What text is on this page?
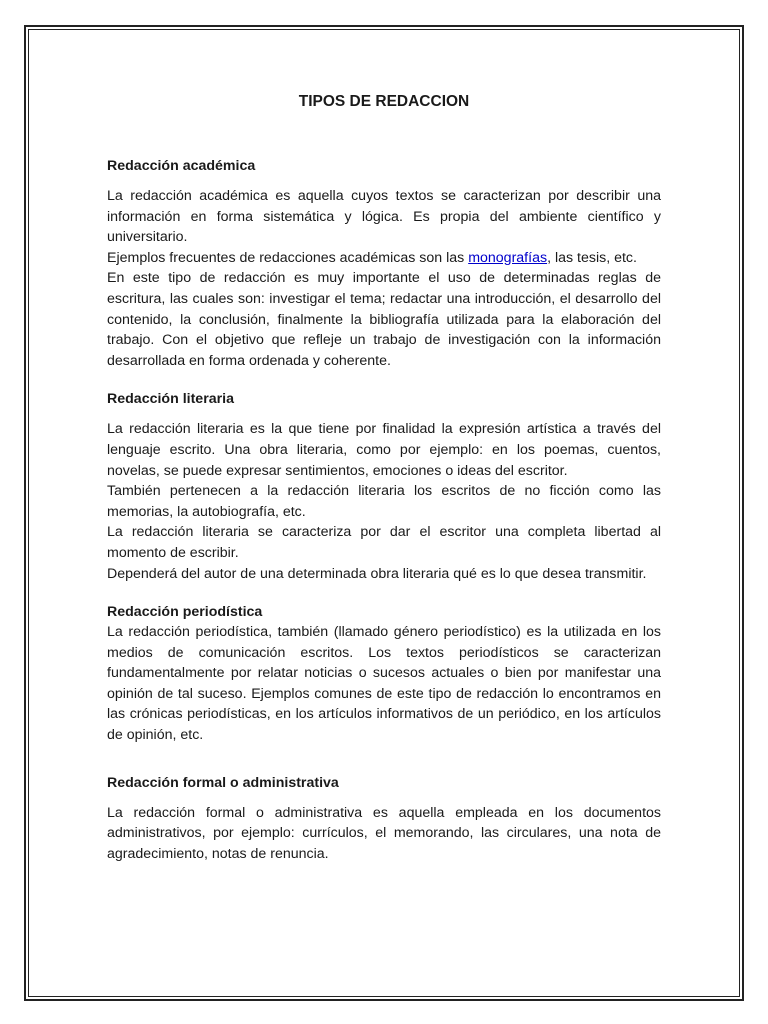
TIPOS DE REDACCION

Redacción académica

La redacción académica es aquella cuyos textos se caracterizan por describir una información en forma sistemática y lógica. Es propia del ambiente científico y universitario.

Ejemplos frecuentes de redacciones académicas son las monografías, las tesis, etc.

En este tipo de redacción es muy importante el uso de determinadas reglas de escritura, las cuales son: investigar el tema; redactar una introducción, el desarrollo del contenido, la conclusión, finalmente la bibliografía utilizada para la elaboración del trabajo. Con el objetivo que refleje un trabajo de investigación con la información desarrollada en forma ordenada y coherente.

Redacción literaria

La redacción literaria es la que tiene por finalidad la expresión artística a través del lenguaje escrito. Una obra literaria, como por ejemplo: en los poemas, cuentos, novelas, se puede expresar sentimientos, emociones o ideas del escritor.

También pertenecen a la redacción literaria los escritos de no ficción como las memorias, la autobiografía, etc.

La redacción literaria se caracteriza por dar el escritor una completa libertad al momento de escribir.

Dependerá del autor de una determinada obra literaria qué es lo que desea transmitir.

Redacción periodística

La redacción periodística, también (llamado género periodístico) es la utilizada en los medios de comunicación escritos. Los textos periodísticos se caracterizan fundamentalmente por relatar noticias o sucesos actuales o bien por manifestar una opinión de tal suceso. Ejemplos comunes de este tipo de redacción lo encontramos en las crónicas periodísticas, en los artículos informativos de un periódico, en los artículos de opinión, etc.

Redacción formal o administrativa

La redacción formal o administrativa es aquella empleada en los documentos administrativos, por ejemplo: currículos, el memorando, las circulares, una nota de agradecimiento, notas de renuncia.
